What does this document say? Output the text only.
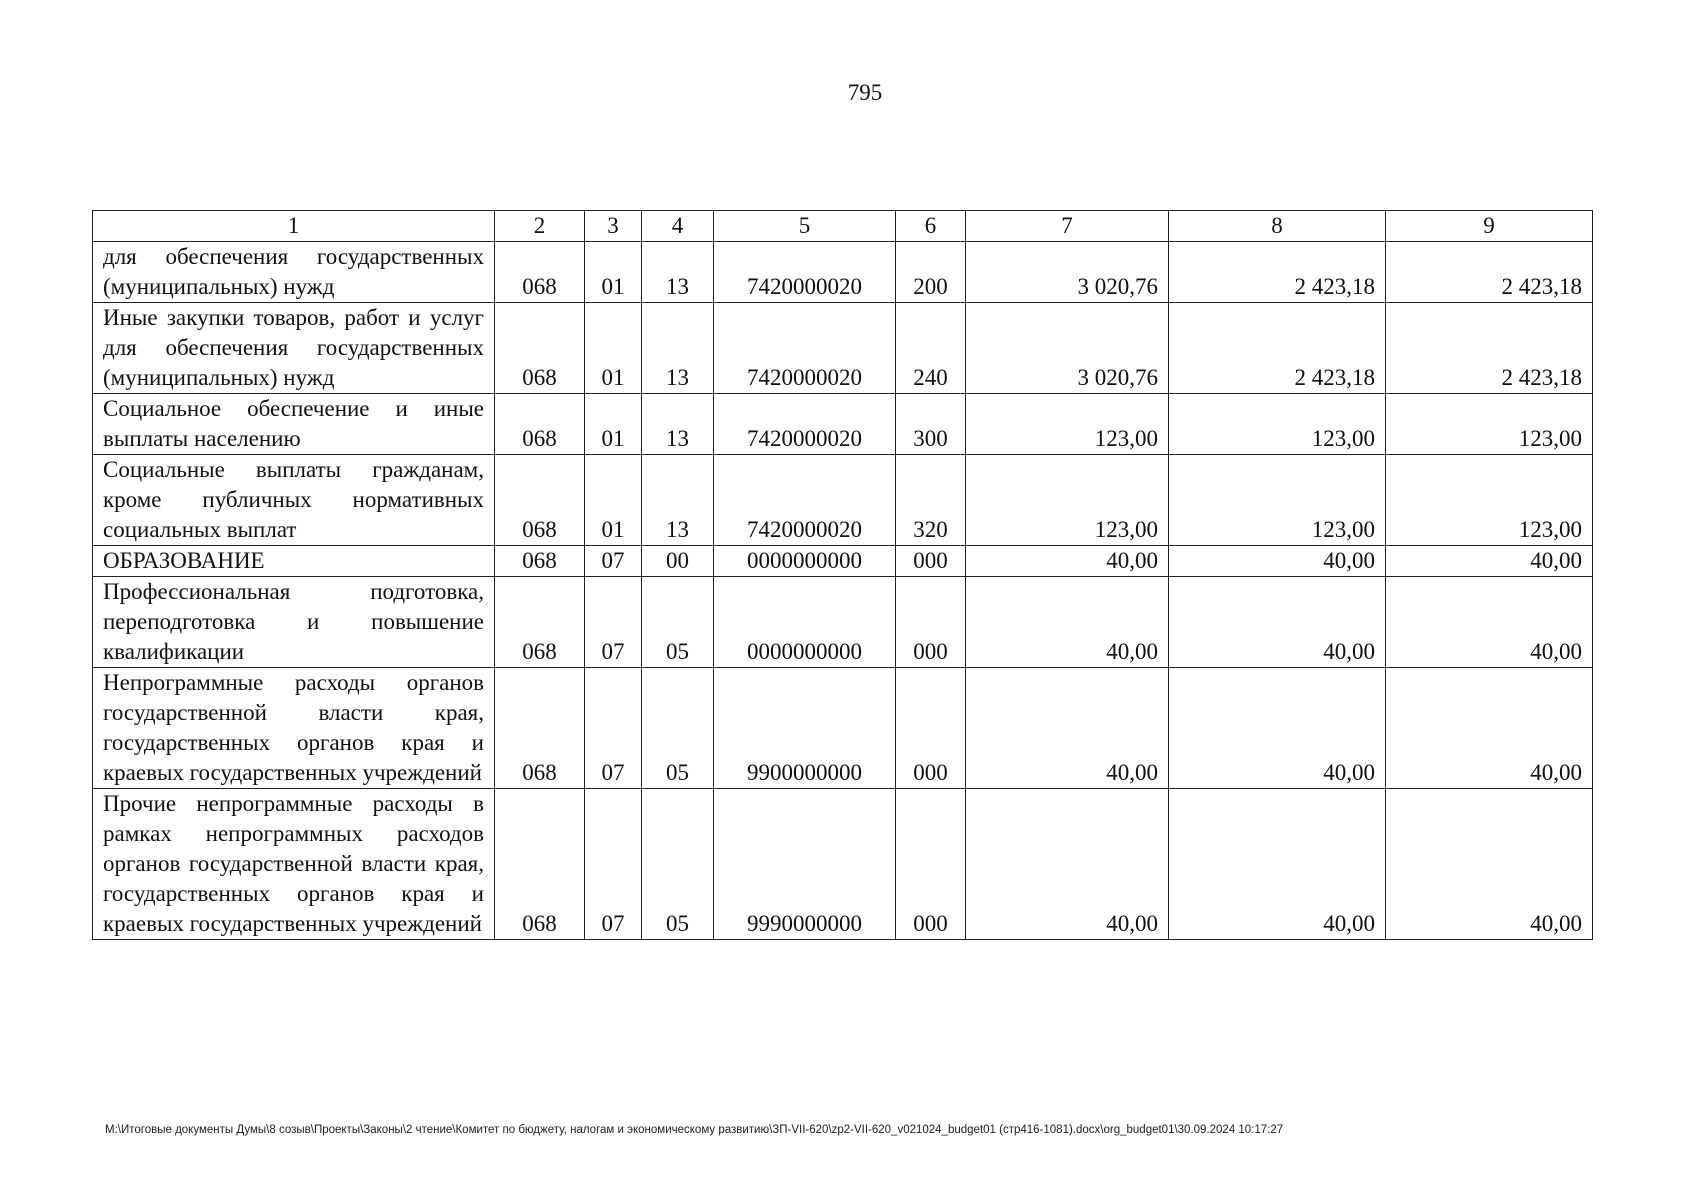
795
1	2	3	4	5	6	7	8	9

для обеспечения государственных (муниципальных) нужд	068	01	13	7420000020	200	3 020,76	2 423,18	2 423,18

Иные закупки товаров, работ и услуг для обеспечения государственных (муниципальных) нужд	068	01	13	7420000020	240	3 020,76	2 423,18	2 423,18

Социальное обеспечение и иные выплаты населению	068	01	13	7420000020	300	123,00	123,00	123,00

Социальные выплаты гражданам, кроме публичных нормативных социальных выплат	068	01	13	7420000020	320	123,00	123,00	123,00

ОБРАЗОВАНИЕ	068	07	00	0000000000	000	40,00	40,00	40,00

Профессиональная подготовка, переподготовка и повышение квалификации	068	07	05	0000000000	000	40,00	40,00	40,00

Непрограммные расходы органов государственной власти края, государственных органов края и краевых государственных учреждений	068	07	05	9900000000	000	40,00	40,00	40,00

Прочие непрограммные расходы в рамках непрограммных расходов органов государственной власти края, государственных органов края и краевых государственных учреждений	068	07	05	9990000000	000	40,00	40,00	40,00
M:\Итоговые документы Думы\8 созыв\Проекты\Законы\2 чтение\Комитет по бюджету, налогам и экономическому развитию\ЗП-VII-620\zp2-VII-620_v021024_budget01 (стр416-1081).docx\org_budget01\30.09.2024 10:17:27
